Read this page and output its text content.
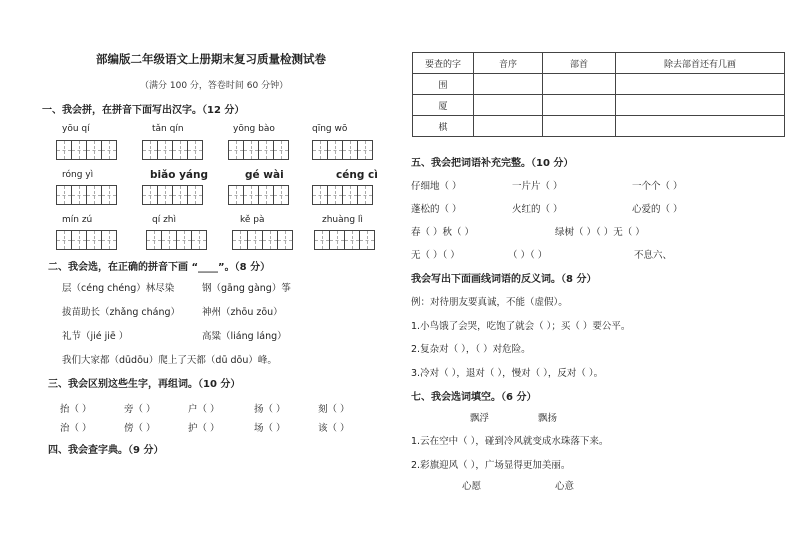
部编版二年级语文上册期末复习质量检测试卷
（满分 100 分，答卷时间 60 分钟）
一、我会拼，在拼音下面写出汉字。（12 分）
yōu qí	tǎn qín	yōng bào	qīng wō
róng yì	biǎo yáng	gé wài	céng cì
mín zú	qí zhì	kě pà	zhuàng lì
二、我会选，在正确的拼音下画 “____”。（8 分）
层（céng chéng）林尽染	钢（gāng gàng）筝
拔苗助长（zhǎng cháng） 神州（zhōu zōu）
礼节（jié jiē ）	高粱（liáng láng）
我们大家都（dūdōu）爬上了天都（dū dōu）峰。
三、我会区别这些生字，再组词。（10 分）
抬（ ）	旁（ ）	户（ ）	扬（ ）	刻（ ）
治（ ）	傍（ ）	护（ ）	场（ ）	该（ ）
四、我会查字典。（9 分）
要查的字	音序	部首	除去部首还有几画
围			
厦			
棋			
五、我会把词语补充完整。（10 分）
仔细地（ ）	一片片（ ）	一个个（ ）
蓬松的（ ）	火红的（ ）	心爱的（ ）
春（ ）秋（ ）	绿树（ ）（ ）无（ ）
无（ ）（ ）	（ ）（ ）	不息六、
我会写出下面画线词语的反义词。（8 分）
例：对待朋友要真诚，不能（虚假）。
1.小鸟饿了会哭，吃饱了就会（ ）；买（ ）要公平。
2.复杂对（ ），（ ）对危险。
3.冷对（ ），退对（ ），慢对（ ），反对（ ）。
七、我会选词填空。（6 分）
飘浮	飘扬
1.云在空中（ ），碰到冷风就变成水珠落下来。
2.彩旗迎风（ ），广场显得更加美丽。
心愿	心意
